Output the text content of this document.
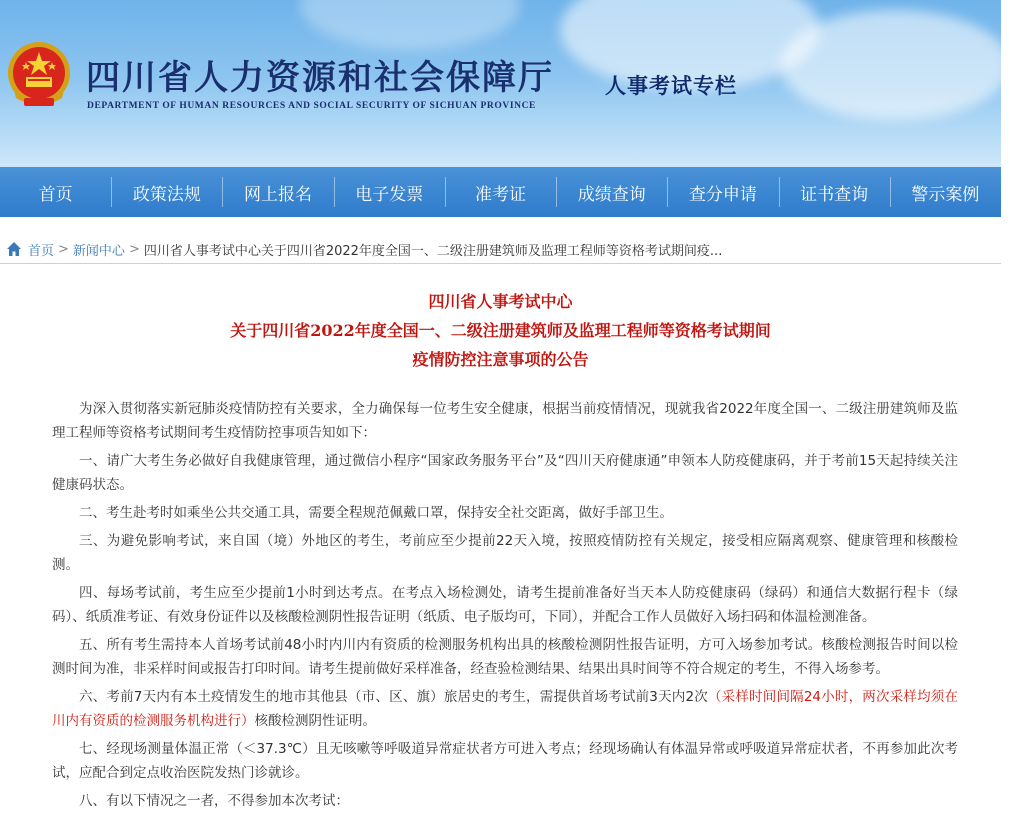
四川省人力资源和社会保障厅
DEPARTMENT OF HUMAN RESOURCES AND SOCIAL SECURITY OF SICHUAN PROVINCE
人事考试专栏
首页	政策法规	网上报名	电子发票	准考证	成绩查询	查分申请	证书查询	警示案例
首页 > 新闻中心 > 四川省人事考试中心关于四川省2022年度全国一、二级注册建筑师及监理工程师等资格考试期间疫...
四川省人事考试中心
关于四川省2022年度全国一、二级注册建筑师及监理工程师等资格考试期间
疫情防控注意事项的公告

为深入贯彻落实新冠肺炎疫情防控有关要求，全力确保每一位考生安全健康，根据当前疫情情况，现就我省2022年度全国一、二级注册建筑师及监理工程师等资格考试期间考生疫情防控事项告知如下：

一、请广大考生务必做好自我健康管理，通过微信小程序“国家政务服务平台”及“四川天府健康通”申领本人防疫健康码，并于考前15天起持续关注健康码状态。

二、考生赴考时如乘坐公共交通工具，需要全程规范佩戴口罩，保持安全社交距离，做好手部卫生。

三、为避免影响考试，来自国（境）外地区的考生，考前应至少提前22天入境，按照疫情防控有关规定，接受相应隔离观察、健康管理和核酸检测。

四、每场考试前，考生应至少提前1小时到达考点。在考点入场检测处，请考生提前准备好当天本人防疫健康码（绿码）和通信大数据行程卡（绿码）、纸质准考证、有效身份证件以及核酸检测阴性报告证明（纸质、电子版均可，下同），并配合工作人员做好入场扫码和体温检测准备。

五、所有考生需持本人首场考试前48小时内川内有资质的检测服务机构出具的核酸检测阴性报告证明，方可入场参加考试。核酸检测报告时间以检测时间为准，非采样时间或报告打印时间。请考生提前做好采样准备，经查验检测结果、结果出具时间等不符合规定的考生，不得入场参考。

六、考前7天内有本土疫情发生的地市其他县（市、区、旗）旅居史的考生，需提供首场考试前3天内2次（采样时间间隔24小时，两次采样均须在川内有资质的检测服务机构进行）核酸检测阴性证明。

七、经现场测量体温正常（＜37.3℃）且无咳嗽等呼吸道异常症状者方可进入考点；经现场确认有体温异常或呼吸道异常症状者，不再参加此次考试，应配合到定点收治医院发热门诊就诊。

八、有以下情况之一者，不得参加本次考试：
